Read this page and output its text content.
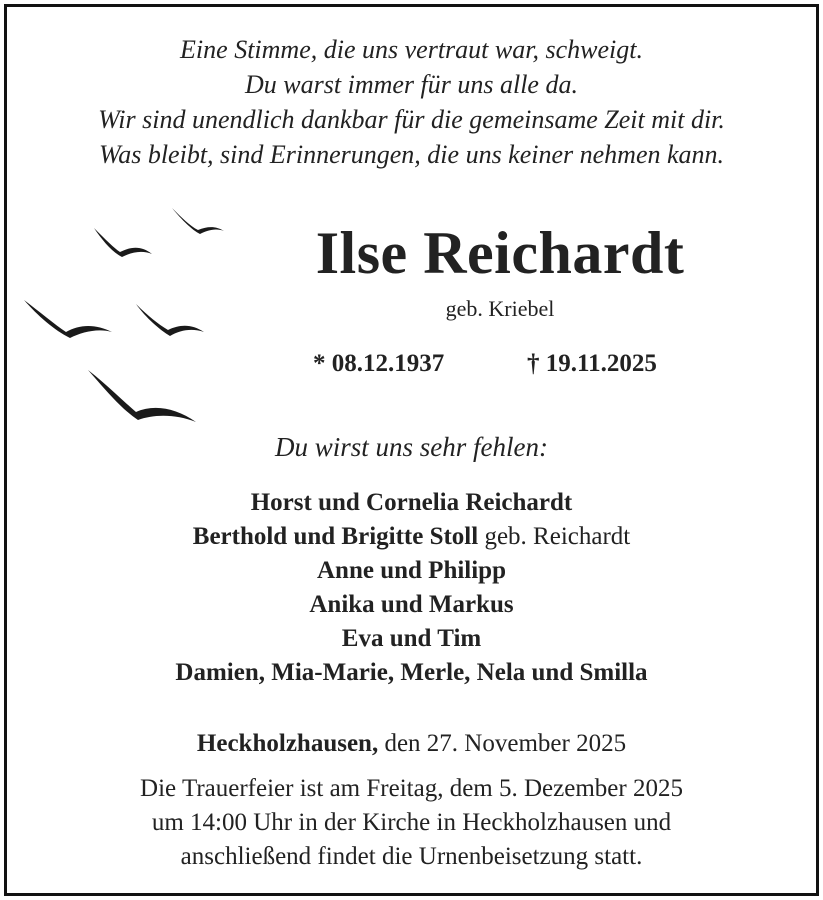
Eine Stimme, die uns vertraut war, schweigt.
Du warst immer für uns alle da.
Wir sind unendlich dankbar für die gemeinsame Zeit mit dir.
Was bleibt, sind Erinnerungen, die uns keiner nehmen kann.
Ilse Reichardt
geb. Kriebel
* 08.12.1937	† 19.11.2025
Du wirst uns sehr fehlen:
Horst und Cornelia Reichardt
Berthold und Brigitte Stoll geb. Reichardt
Anne und Philipp
Anika und Markus
Eva und Tim
Damien, Mia-Marie, Merle, Nela und Smilla
Heckholzhausen, den 27. November 2025
Die Trauerfeier ist am Freitag, dem 5. Dezember 2025
um 14:00 Uhr in der Kirche in Heckholzhausen und
anschließend findet die Urnenbeisetzung statt.
